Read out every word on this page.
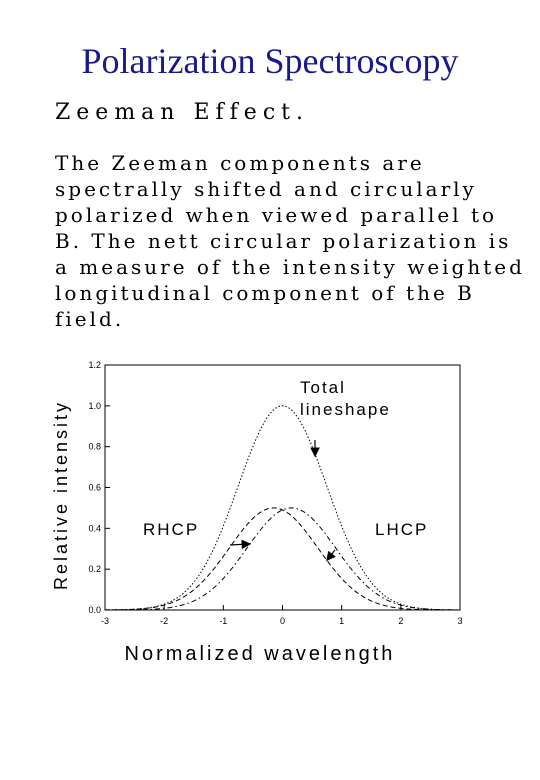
Polarization Spectroscopy
Zeeman Effect.
The Zeeman components are spectrally shifted and circularly polarized when viewed parallel to B. The nett circular polarization is a measure of the intensity weighted longitudinal component of the B field.
-3	-2	-1	0	1	2	3
0.0
0.2
0.4
0.6
0.8
1.0
1.2
Total lineshape
RHCP	LHCP
Normalized wavelength
Relative intensity
